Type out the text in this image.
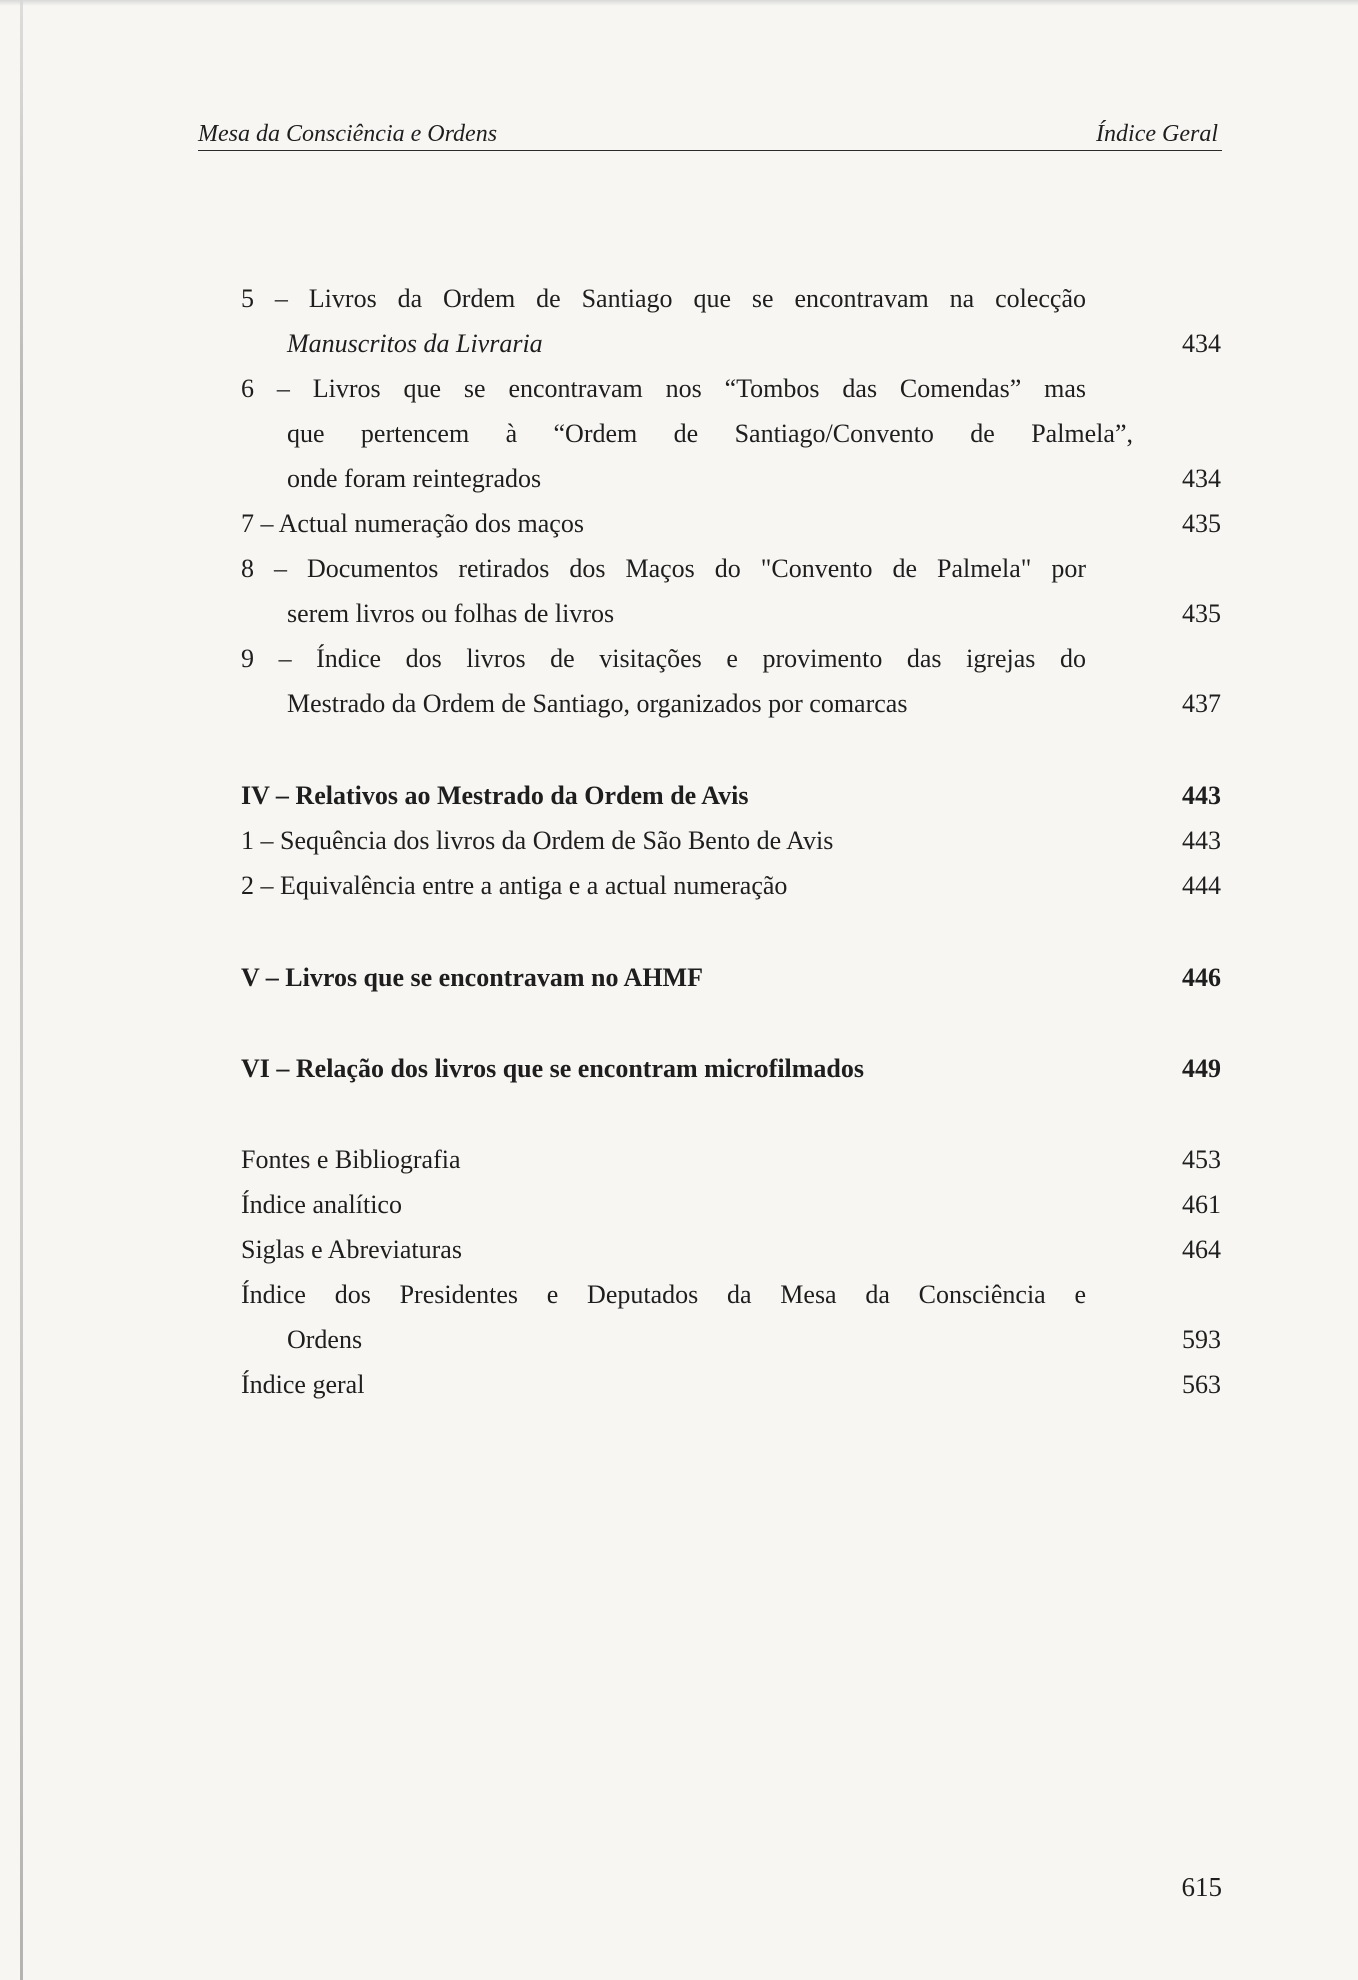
Mesa da Consciência e Ordens	Índice Geral
5 – Livros da Ordem de Santiago que se encontravam na colecção
Manuscritos da Livraria	434
6 – Livros que se encontravam nos “Tombos das Comendas” mas
que pertencem à “Ordem de Santiago/Convento de Palmela”,
onde foram reintegrados	434
7 – Actual numeração dos maços	435
8 – Documentos retirados dos Maços do "Convento de Palmela" por
serem livros ou folhas de livros	435
9 – Índice dos livros de visitações e provimento das igrejas do
Mestrado da Ordem de Santiago, organizados por comarcas	437
IV – Relativos ao Mestrado da Ordem de Avis	443
1 – Sequência dos livros da Ordem de São Bento de Avis	443
2 – Equivalência entre a antiga e a actual numeração	444
V – Livros que se encontravam no AHMF	446
VI – Relação dos livros que se encontram microfilmados	449
Fontes e Bibliografia	453
Índice analítico	461
Siglas e Abreviaturas	464
Índice dos Presidentes e Deputados da Mesa da Consciência e
Ordens	593
Índice geral	563
615
